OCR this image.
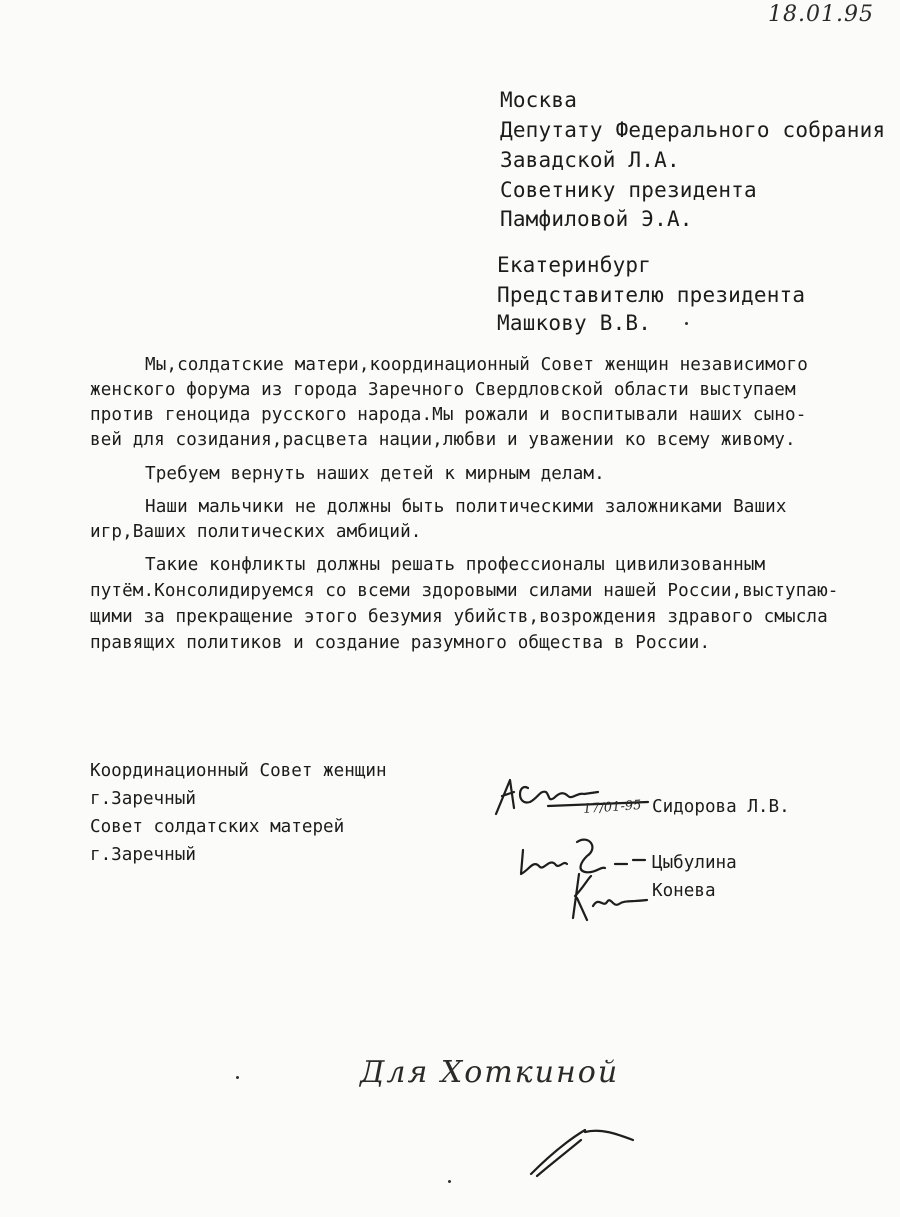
18.01.95
Москва
Депутату Федерального собрания
Завадской Л.А.
Советнику президента
Памфиловой Э.А.
Екатеринбург
Представителю президента
Машкову В.В.
Мы,солдатские матери,координационный Совет женщин независимого
женского форума из города Заречного Свердловской области выступаем
против геноцида русского народа.Мы рожали и воспитывали наших сыно-
вей для созидания,расцвета нации,любви и уважении ко всему живому.
Требуем вернуть наших детей к мирным делам.
Наши мальчики не должны быть политическими заложниками Ваших
игр,Ваших политических амбиций.
Такие конфликты должны решать профессионалы цивилизованным
путём.Консолидируемся со всеми здоровыми силами нашей России,выступаю-
щими за прекращение этого безумия убийств,возрождения здравого смысла
правящих политиков и создание разумного общества в России.
Координационный Совет женщин
г.Заречный
Совет солдатских матерей
г.Заречный
17/01-95 Сидорова Л.В.
Цыбулина
Конева
Для Хоткиной
